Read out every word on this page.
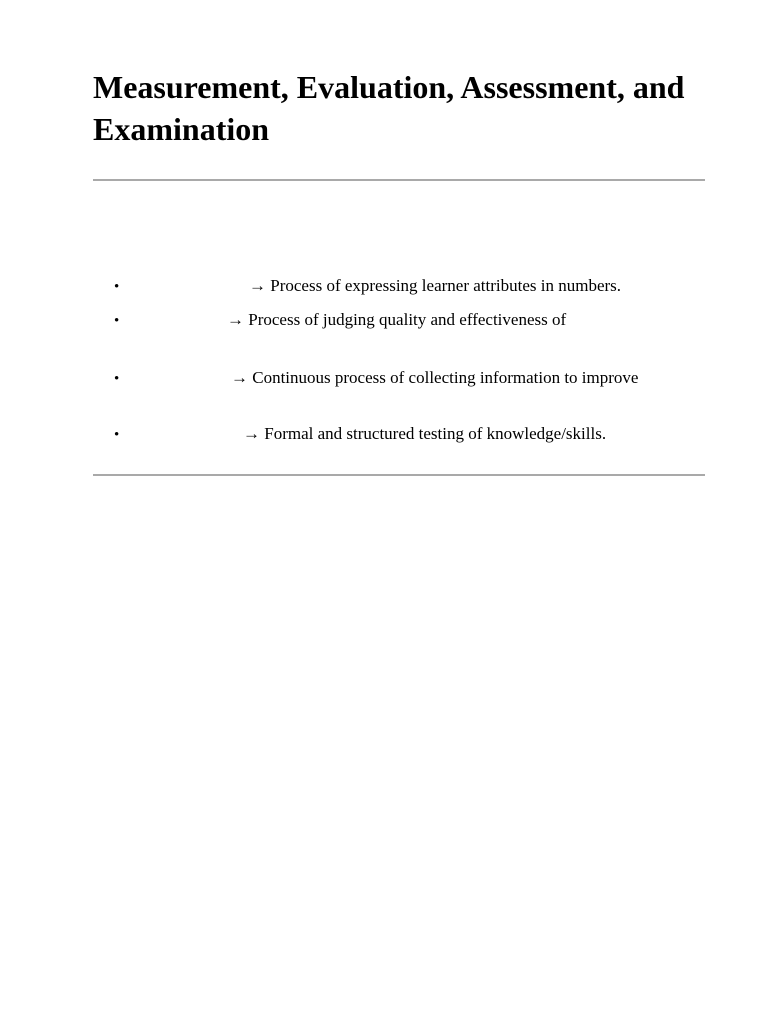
Measurement, Evaluation, Assessment, and Examination
•	→ Process of expressing learner attributes in numbers.
•	→ Process of judging quality and effectiveness of
•	→ Continuous process of collecting information to improve
•	→ Formal and structured testing of knowledge/skills.
